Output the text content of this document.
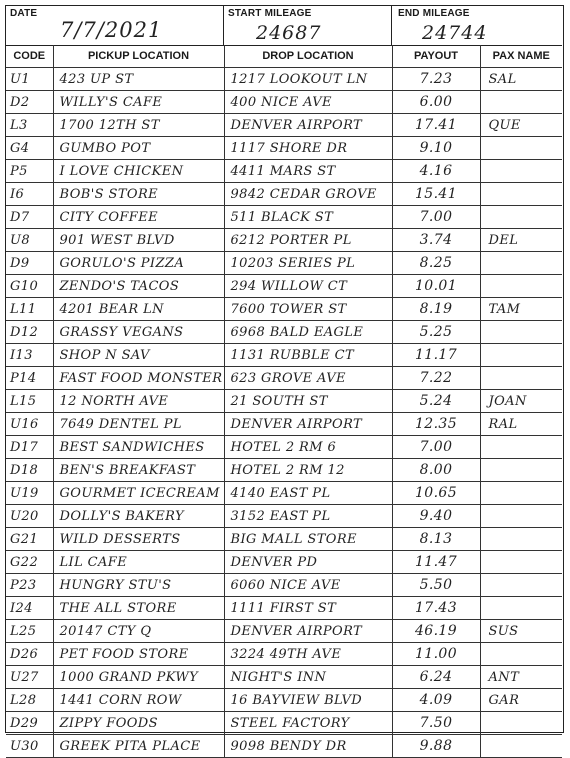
DATE
7/7/2021
START MILEAGE
24687
END MILEAGE
24744
CODE	PICKUP LOCATION	DROP LOCATION	PAYOUT	PAX NAME
U1	423 UP ST	1217 LOOKOUT LN	7.23	SAL
D2	WILLY'S CAFE	400 NICE AVE	6.00	
L3	1700 12TH ST	DENVER AIRPORT	17.41	QUE
G4	GUMBO POT	1117 SHORE DR	9.10	
P5	I LOVE CHICKEN	4411 MARS ST	4.16	
I6	BOB'S STORE	9842 CEDAR GROVE	15.41	
D7	CITY COFFEE	511 BLACK ST	7.00	
U8	901 WEST BLVD	6212 PORTER PL	3.74	DEL
D9	GORULO'S PIZZA	10203 SERIES PL	8.25	
G10	ZENDO'S TACOS	294 WILLOW CT	10.01	
L11	4201 BEAR LN	7600 TOWER ST	8.19	TAM
D12	GRASSY VEGANS	6968 BALD EAGLE	5.25	
I13	SHOP N SAV	1131 RUBBLE CT	11.17	
P14	FAST FOOD MONSTER	623 GROVE AVE	7.22	
L15	12 NORTH AVE	21 SOUTH ST	5.24	JOAN
U16	7649 DENTEL PL	DENVER AIRPORT	12.35	RAL
D17	BEST SANDWICHES	HOTEL 2 RM 6	7.00	
D18	BEN'S BREAKFAST	HOTEL 2 RM 12	8.00	
U19	GOURMET ICECREAM	4140 EAST PL	10.65	
U20	DOLLY'S BAKERY	3152 EAST PL	9.40	
G21	WILD DESSERTS	BIG MALL STORE	8.13	
G22	LIL CAFE	DENVER PD	11.47	
P23	HUNGRY STU'S	6060 NICE AVE	5.50	
I24	THE ALL STORE	1111 FIRST ST	17.43	
L25	20147 CTY Q	DENVER AIRPORT	46.19	SUS
D26	PET FOOD STORE	3224 49TH AVE	11.00	
U27	1000 GRAND PKWY	NIGHT'S INN	6.24	ANT
L28	1441 CORN ROW	16 BAYVIEW BLVD	4.09	GAR
D29	ZIPPY FOODS	STEEL FACTORY	7.50	
U30	GREEK PITA PLACE	9098 BENDY DR	9.88	
